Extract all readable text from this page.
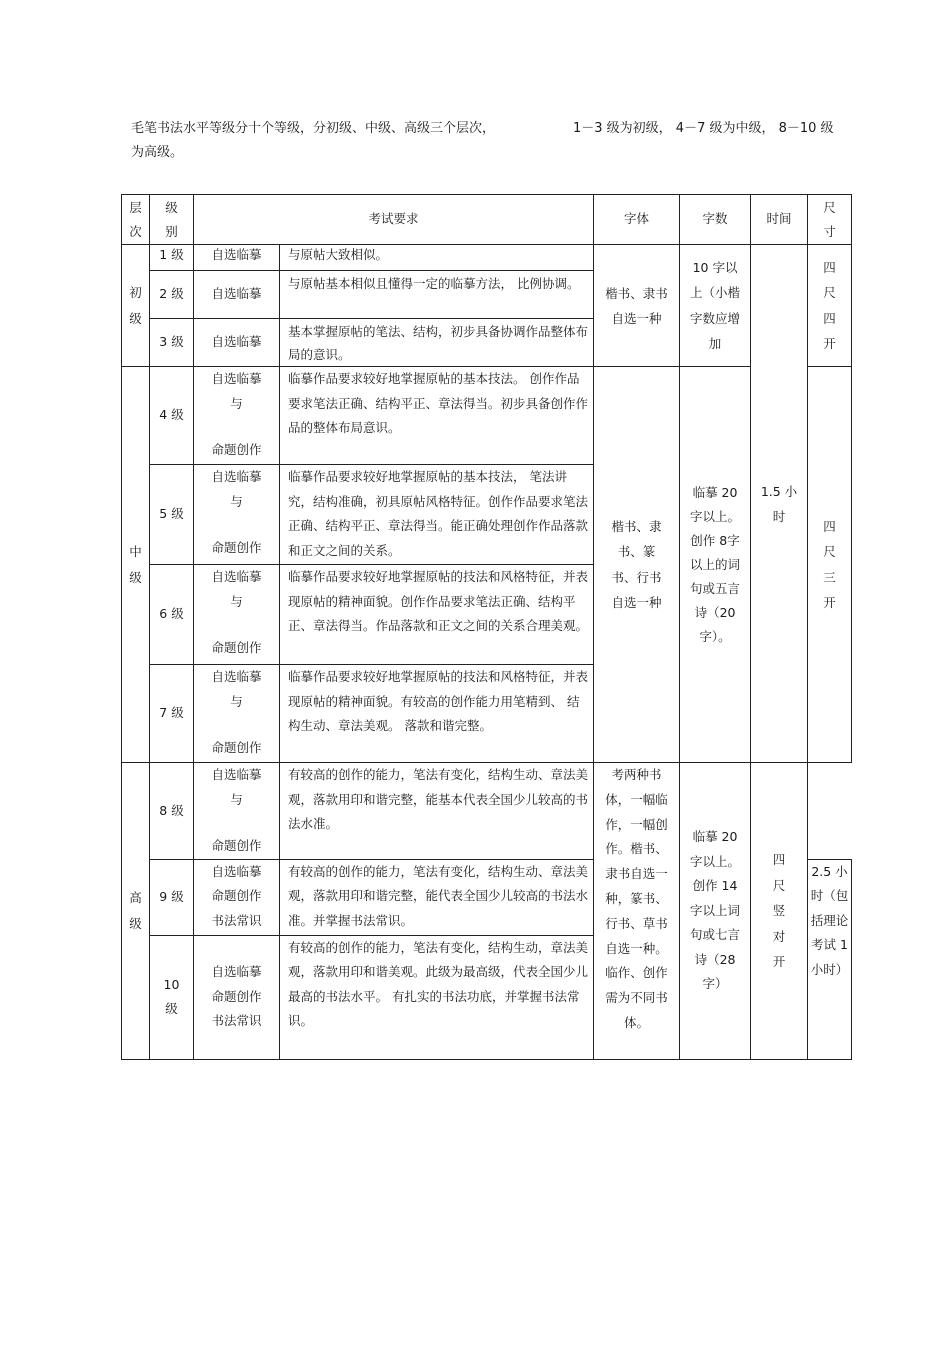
毛笔书法水平等级分十个等级，分初级、中级、高级三个层次，	1－3 级为初级， 4－7 级为中级， 8－10 级
为高级。
层次	级别	考试要求		字体	字数	时间	尺寸

初级	1 级	自选临摹	与原帖大致相似。	楷书、隶书自选一种	10 字以上（小楷字数应增加	1.5 小时	四尺四开

	2 级	自选临摹	与原帖基本相似且懂得一定的临摹方法， 比例协调。				
	3 级	自选临摹	基本掌握原帖的笔法、结构，初步具备协调作品整体布局的意识。				

中级	4 级	自选临摹
与
命题创作	临摹作品要求较好地掌握原帖的基本技法。 创作作品要求笔法正确、结构平正、章法得当。初步具备创作作品的整体布局意识。	楷书、隶书、篆书、行书自选一种	临摹 20 字以上。创作 8字以上的词句或五言诗（20 字）。		四尺三开

	5 级	自选临摹
与
命题创作	临摹作品要求较好地掌握原帖的基本技法， 笔法讲究，结构准确，初具原帖风格特征。创作作品要求笔法正确、结构平正、章法得当。能正确处理创作作品落款和正文之间的关系。				
	6 级	自选临摹
与
命题创作	临摹作品要求较好地掌握原帖的技法和风格特征，并表现原帖的精神面貌。创作作品要求笔法正确、结构平正、章法得当。作品落款和正文之间的关系合理美观。				
	7 级	自选临摹
与
命题创作	临摹作品要求较好地掌握原帖的技法和风格特征，并表现原帖的精神面貌。有较高的创作能力用笔精到、 结构生动、章法美观。 落款和谐完整。				

高级	8 级	自选临摹
与
命题创作	有较高的创作的能力，笔法有变化，结构生动、章法美观，落款用印和谐完整，能基本代表全国少儿较高的书法水准。	考两种书体，一幅临作，一幅创作。楷书、隶书自选一种，篆书、行书、草书自选一种。临作、创作需为不同书体。	临摹 20 字以上。创作 14 字以上词句或七言诗（28 字）	四尺竖对开	

	9 级	自选临摹
命题创作
书法常识	有较高的创作的能力，笔法有变化，结构生动、章法美观，落款用印和谐完整，能代表全国少儿较高的书法水准。并掌握书法常识。				2.5 小时（包括理论考试 1小时）

	10 级	自选临摹
命题创作
书法常识	有较高的创作的能力，笔法有变化，结构生动，章法美观，落款用印和谐美观。此级为最高级，代表全国少儿最高的书法水平。 有扎实的书法功底，并掌握书法常识。				
